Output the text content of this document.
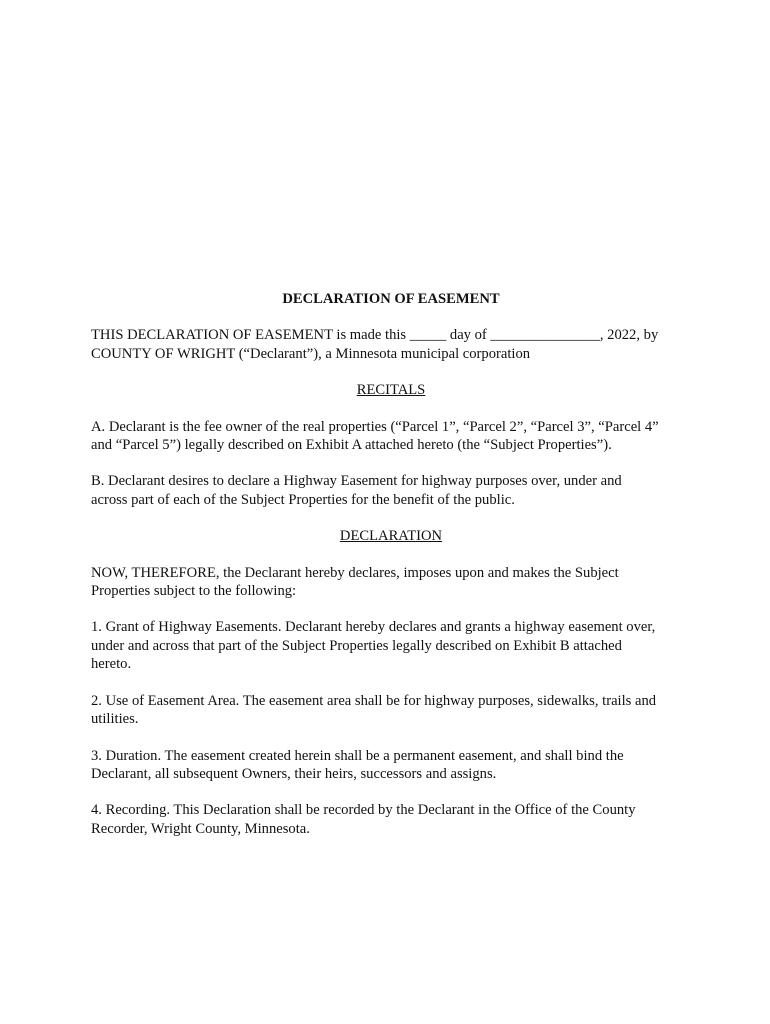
DECLARATION OF EASEMENT
THIS DECLARATION OF EASEMENT is made this _____ day of _______________, 2022, by
COUNTY OF WRIGHT (“Declarant”), a Minnesota municipal corporation
RECITALS
A. Declarant is the fee owner of the real properties (“Parcel 1”, “Parcel 2”, “Parcel 3”, “Parcel 4”
and “Parcel 5”) legally described on Exhibit A attached hereto (the “Subject Properties”).
B. Declarant desires to declare a Highway Easement for highway purposes over, under and
across part of each of the Subject Properties for the benefit of the public.
DECLARATION
NOW, THEREFORE, the Declarant hereby declares, imposes upon and makes the Subject
Properties subject to the following:
1. Grant of Highway Easements. Declarant hereby declares and grants a highway easement over,
under and across that part of the Subject Properties legally described on Exhibit B attached
hereto.
2. Use of Easement Area. The easement area shall be for highway purposes, sidewalks, trails and
utilities.
3. Duration. The easement created herein shall be a permanent easement, and shall bind the
Declarant, all subsequent Owners, their heirs, successors and assigns.
4. Recording. This Declaration shall be recorded by the Declarant in the Office of the County
Recorder, Wright County, Minnesota.
